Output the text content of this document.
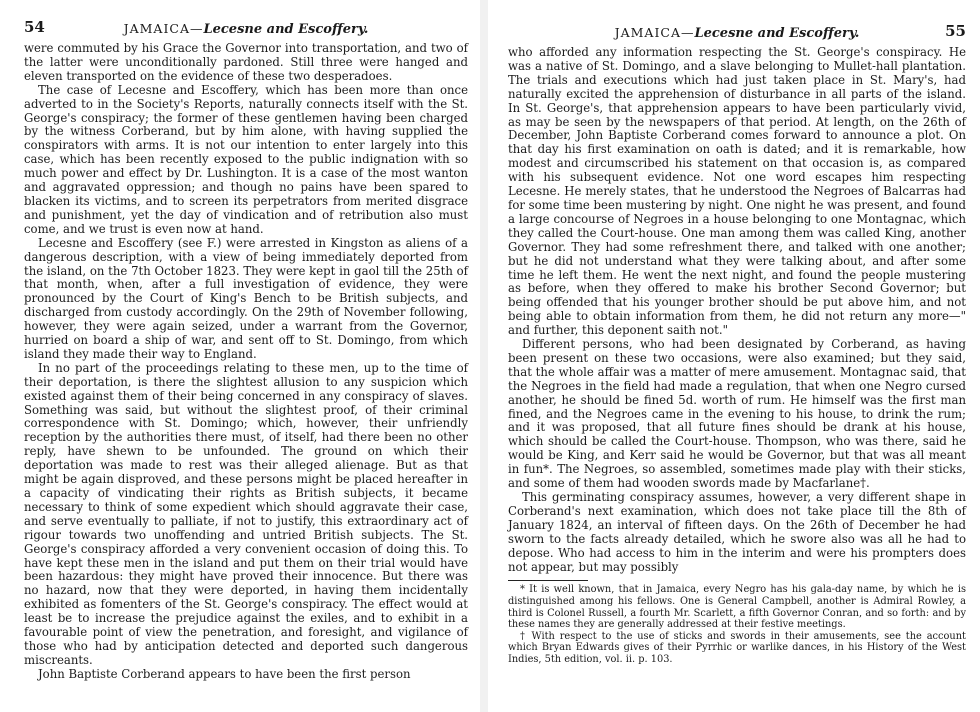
54	JAMAICA—Lecesne and Escoffery.

were commuted by his Grace the Governor into transportation, and two of the latter were unconditionally pardoned. Still three were hanged and eleven transported on the evidence of these two desperadoes.

The case of Lecesne and Escoffery, which has been more than once adverted to in the Society's Reports, naturally connects itself with the St. George's conspiracy; the former of these gentlemen having been charged by the witness Corberand, but by him alone, with having supplied the conspirators with arms. It is not our intention to enter largely into this case, which has been recently exposed to the public indignation with so much power and effect by Dr. Lushington. It is a case of the most wanton and aggravated oppression; and though no pains have been spared to blacken its victims, and to screen its perpetrators from merited disgrace and punishment, yet the day of vindication and of retribution also must come, and we trust is even now at hand.

Lecesne and Escoffery (see F.) were arrested in Kingston as aliens of a dangerous description, with a view of being immediately deported from the island, on the 7th October 1823. They were kept in gaol till the 25th of that month, when, after a full investigation of evidence, they were pronounced by the Court of King's Bench to be British subjects, and discharged from custody accordingly. On the 29th of November following, however, they were again seized, under a warrant from the Governor, hurried on board a ship of war, and sent off to St. Domingo, from which island they made their way to England.

In no part of the proceedings relating to these men, up to the time of their deportation, is there the slightest allusion to any suspicion which existed against them of their being concerned in any conspiracy of slaves. Something was said, but without the slightest proof, of their criminal correspondence with St. Domingo; which, however, their unfriendly reception by the authorities there must, of itself, had there been no other reply, have shewn to be unfounded. The ground on which their deportation was made to rest was their alleged alienage. But as that might be again disproved, and these persons might be placed hereafter in a capacity of vindicating their rights as British subjects, it became necessary to think of some expedient which should aggravate their case, and serve eventually to palliate, if not to justify, this extraordinary act of rigour towards two unoffending and untried British subjects. The St. George's conspiracy afforded a very convenient occasion of doing this. To have kept these men in the island and put them on their trial would have been hazardous: they might have proved their innocence. But there was no hazard, now that they were deported, in having them incidentally exhibited as fomenters of the St. George's conspiracy. The effect would at least be to increase the prejudice against the exiles, and to exhibit in a favourable point of view the penetration, and foresight, and vigilance of those who had by anticipation detected and deported such dangerous miscreants.

John Baptiste Corberand appears to have been the first person

JAMAICA—Lecesne and Escoffery.	55

who afforded any information respecting the St. George's conspiracy. He was a native of St. Domingo, and a slave belonging to Mullet-hall plantation. The trials and executions which had just taken place in St. Mary's, had naturally excited the apprehension of disturbance in all parts of the island. In St. George's, that apprehension appears to have been particularly vivid, as may be seen by the newspapers of that period. At length, on the 26th of December, John Baptiste Corberand comes forward to announce a plot. On that day his first examination on oath is dated; and it is remarkable, how modest and circumscribed his statement on that occasion is, as compared with his subsequent evidence. Not one word escapes him respecting Lecesne. He merely states, that he understood the Negroes of Balcarras had for some time been mustering by night. One night he was present, and found a large concourse of Negroes in a house belonging to one Montagnac, which they called the Court-house. One man among them was called King, another Governor. They had some refreshment there, and talked with one another; but he did not understand what they were talking about, and after some time he left them. He went the next night, and found the people mustering as before, when they offered to make his brother Second Governor; but being offended that his younger brother should be put above him, and not being able to obtain information from them, he did not return any more—" and further, this deponent saith not."

Different persons, who had been designated by Corberand, as having been present on these two occasions, were also examined; but they said, that the whole affair was a matter of mere amusement. Montagnac said, that the Negroes in the field had made a regulation, that when one Negro cursed another, he should be fined 5d. worth of rum. He himself was the first man fined, and the Negroes came in the evening to his house, to drink the rum; and it was proposed, that all future fines should be drank at his house, which should be called the Court-house. Thompson, who was there, said he would be King, and Kerr said he would be Governor, but that was all meant in fun*. The Negroes, so assembled, sometimes made play with their sticks, and some of them had wooden swords made by Macfarlane†.

This germinating conspiracy assumes, however, a very different shape in Corberand's next examination, which does not take place till the 8th of January 1824, an interval of fifteen days. On the 26th of December he had sworn to the facts already detailed, which he swore also was all he had to depose. Who had access to him in the interim and were his prompters does not appear, but may possibly

* It is well known, that in Jamaica, every Negro has his gala-day name, by which he is distinguished among his fellows. One is General Campbell, another is Admiral Rowley, a third is Colonel Russell, a fourth Mr. Scarlett, a fifth Governor Conran, and so forth: and by these names they are generally addressed at their festive meetings.

† With respect to the use of sticks and swords in their amusements, see the account which Bryan Edwards gives of their Pyrrhic or warlike dances, in his History of the West Indies, 5th edition, vol. ii. p. 103.
